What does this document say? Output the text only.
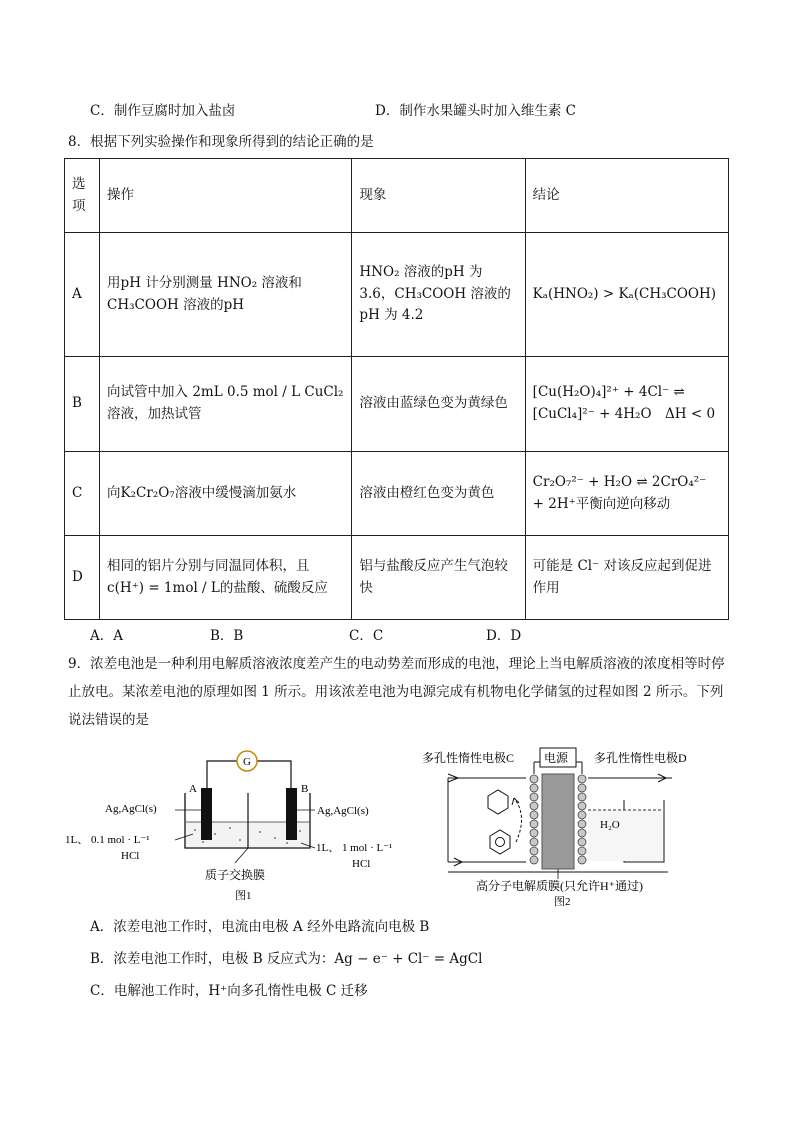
C．制作豆腐时加入盐卤	D．制作水果罐头时加入维生素 C
8．根据下列实验操作和现象所得到的结论正确的是
选项	操作	现象	结论
A	用pH 计分别测量 HNO₂ 溶液和 CH₃COOH 溶液的pH	HNO₂ 溶液的pH 为 3.6，CH₃COOH 溶液的pH 为 4.2	Kₐ(HNO₂) > Kₐ(CH₃COOH)
B	向试管中加入 2mL 0.5 mol / L CuCl₂ 溶液，加热试管	溶液由蓝绿色变为黄绿色	[Cu(H₂O)₄]²⁺ + 4Cl⁻ ⇌ [CuCl₄]²⁻ + 4H₂O　ΔH < 0
C	向K₂Cr₂O₇溶液中缓慢滴加氨水	溶液由橙红色变为黄色	Cr₂O₇²⁻ + H₂O ⇌ 2CrO₄²⁻ + 2H⁺平衡向逆向移动
D	相同的铝片分别与同温同体积，且 c(H⁺) = 1mol / L的盐酸、硫酸反应	铝与盐酸反应产生气泡较快	可能是 Cl⁻ 对该反应起到促进作用
A．A	B．B	C．C	D．D
9．浓差电池是一种利用电解质溶液浓度差产生的电动势差而形成的电池，理论上当电解质溶液的浓度相等时停止放电。某浓差电池的原理如图 1 所示。用该浓差电池为电源完成有机物电化学储氢的过程如图 2 所示。下列说法错误的是
G
A	B
Ag,AgCl(s)	Ag,AgCl(s)
1L、 0.1 mol · L⁻¹
HCl
1L、 1 mol · L⁻¹
HCl
质子交换膜
图1
多孔性惰性电极C 电源 多孔性惰性电极D
H₂O
高分子电解质膜(只允许H⁺通过)
图2
A．浓差电池工作时，电流由电极 A 经外电路流向电极 B
B．浓差电池工作时，电极 B 反应式为：Ag − e⁻ + Cl⁻ = AgCl
C．电解池工作时，H⁺向多孔惰性电极 C 迁移
